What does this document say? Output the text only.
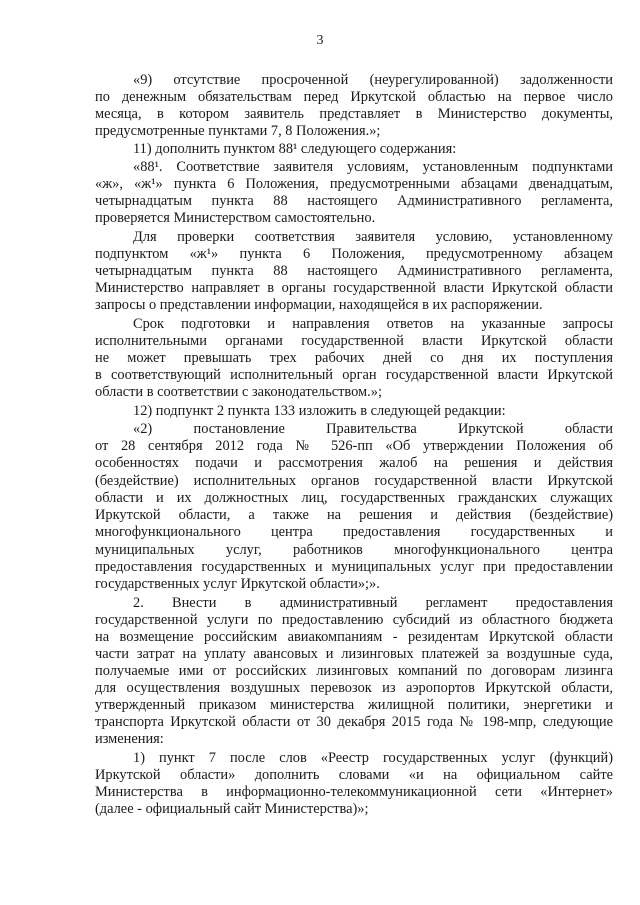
3
«9) отсутствие просроченной (неурегулированной) задолженности
по денежным обязательствам перед Иркутской областью на первое число
месяца, в котором заявитель представляет в Министерство документы,
предусмотренные пунктами 7, 8 Положения.»;
11) дополнить пунктом 88¹ следующего содержания:
«88¹. Соответствие заявителя условиям, установленным подпунктами
«ж», «ж¹» пункта 6 Положения, предусмотренными абзацами двенадцатым,
четырнадцатым пункта 88 настоящего Административного регламента,
проверяется Министерством самостоятельно.
Для проверки соответствия заявителя условию, установленному
подпунктом «ж¹» пункта 6 Положения, предусмотренному абзацем
четырнадцатым пункта 88 настоящего Административного регламента,
Министерство направляет в органы государственной власти Иркутской области
запросы о представлении информации, находящейся в их распоряжении.
Срок подготовки и направления ответов на указанные запросы
исполнительными органами государственной власти Иркутской области
не может превышать трех рабочих дней со дня их поступления
в соответствующий исполнительный орган государственной власти Иркутской
области в соответствии с законодательством.»;
12) подпункт 2 пункта 133 изложить в следующей редакции:
«2) постановление Правительства Иркутской области
от 28 сентября 2012 года № 526-пп «Об утверждении Положения об
особенностях подачи и рассмотрения жалоб на решения и действия
(бездействие) исполнительных органов государственной власти Иркутской
области и их должностных лиц, государственных гражданских служащих
Иркутской области, а также на решения и действия (бездействие)
многофункционального центра предоставления государственных и
муниципальных услуг, работников многофункционального центра
предоставления государственных и муниципальных услуг при предоставлении
государственных услуг Иркутской области»;».
2. Внести в административный регламент предоставления
государственной услуги по предоставлению субсидий из областного бюджета
на возмещение российским авиакомпаниям - резидентам Иркутской области
части затрат на уплату авансовых и лизинговых платежей за воздушные суда,
получаемые ими от российских лизинговых компаний по договорам лизинга
для осуществления воздушных перевозок из аэропортов Иркутской области,
утвержденный приказом министерства жилищной политики, энергетики и
транспорта Иркутской области от 30 декабря 2015 года № 198-мпр, следующие
изменения:
1) пункт 7 после слов «Реестр государственных услуг (функций)
Иркутской области» дополнить словами «и на официальном сайте
Министерства в информационно-телекоммуникационной сети «Интернет»
(далее - официальный сайт Министерства)»;
